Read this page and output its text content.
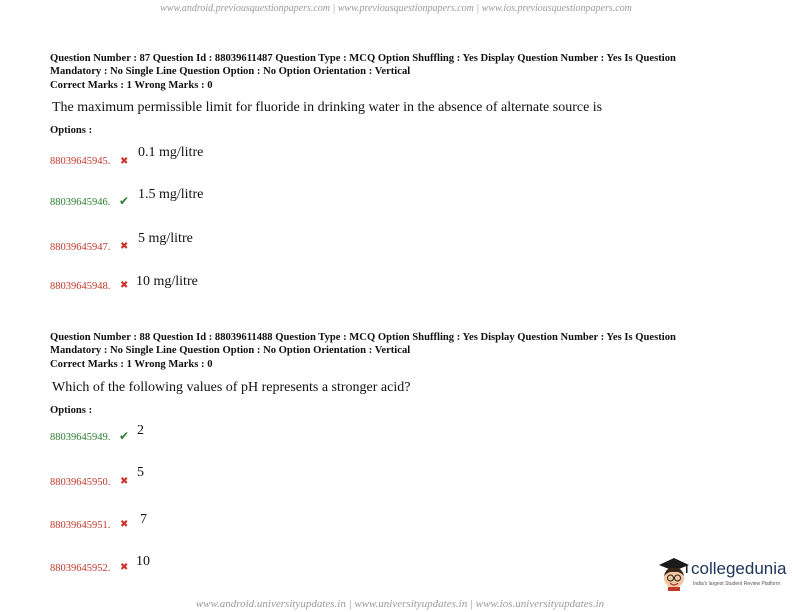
www.android.previousquestionpapers.com | www.previousquestionpapers.com | www.ios.previousquestionpapers.com
Question Number : 87 Question Id : 88039611487 Question Type : MCQ Option Shuffling : Yes Display Question Number : Yes Is Question
Mandatory : No Single Line Question Option : No Option Orientation : Vertical
Correct Marks : 1 Wrong Marks : 0
The maximum permissible limit for fluoride in drinking water in the absence of alternate source is
Options :
88039645945. ✖
0.1 mg/litre
88039645946. ✔ 1.5 mg/litre
88039645947. ✖
5 mg/litre
88039645948. ✖ 10 mg/litre
Question Number : 88 Question Id : 88039611488 Question Type : MCQ Option Shuffling : Yes Display Question Number : Yes Is Question
Mandatory : No Single Line Question Option : No Option Orientation : Vertical
Correct Marks : 1 Wrong Marks : 0
Which of the following values of pH represents a stronger acid?
Options :
88039645949. ✔ 2
88039645950. ✖
5
88039645951. ✖ 7
88039645952. ✖ 10	collegedunia
India's largest Student Review Platform
www.android.universityupdates.in | www.universityupdates.in | www.ios.universityupdates.in
